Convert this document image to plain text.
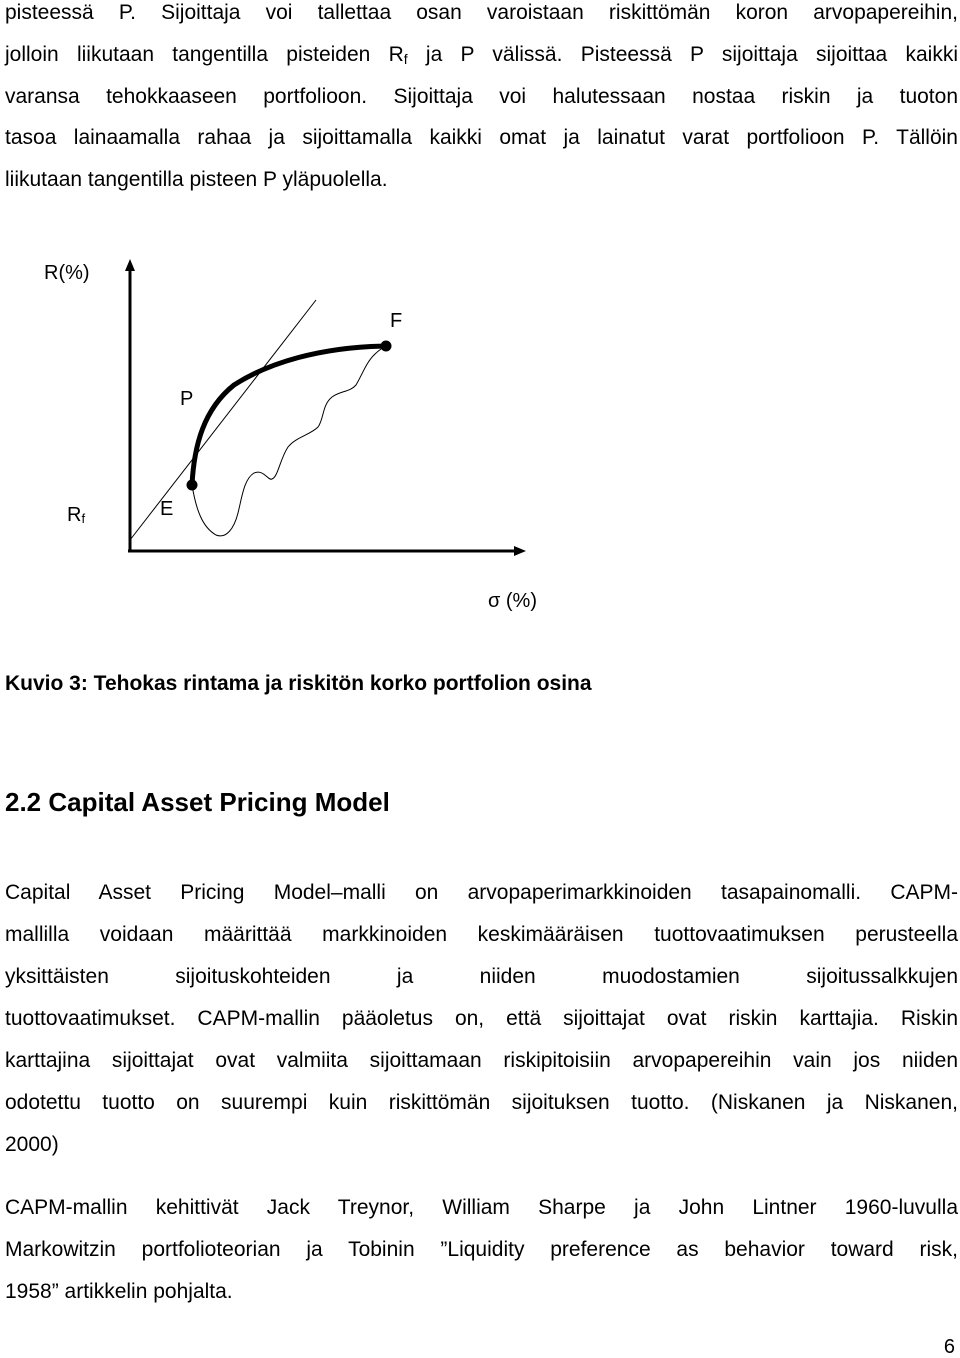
pisteessä P. Sijoittaja voi tallettaa osan varoistaan riskittömän koron arvopapereihin,
jolloin liikutaan tangentilla pisteiden $R_f$ ja P välissä. Pisteessä P sijoittaja sijoittaa kaikki
varansa tehokkaaseen portfolioon. Sijoittaja voi halutessaan nostaa riskin ja tuoton
tasoa lainaamalla rahaa ja sijoittamalla kaikki omat ja lainatut varat portfolioon P. Tällöin
liikutaan tangentilla pisteen P yläpuolella.
R(%)
σ (%)
Rf
P
F
E
Kuvio 3: Tehokas rintama ja riskitön korko portfolion osina
2.2 Capital Asset Pricing Model
Capital Asset Pricing Model–malli on arvopaperimarkkinoiden tasapainomalli. CAPM-
mallilla voidaan määrittää markkinoiden keskimääräisen tuottovaatimuksen perusteella
yksittäisten sijoituskohteiden ja niiden muodostamien sijoitussalkkujen
tuottovaatimukset. CAPM-mallin pääoletus on, että sijoittajat ovat riskin karttajia. Riskin
karttajina sijoittajat ovat valmiita sijoittamaan riskipitoisiin arvopapereihin vain jos niiden
odotettu tuotto on suurempi kuin riskittömän sijoituksen tuotto. (Niskanen ja Niskanen,
2000)
CAPM-mallin kehittivät Jack Treynor, William Sharpe ja John Lintner 1960-luvulla
Markowitzin portfolioteorian ja Tobinin ”Liquidity preference as behavior toward risk,
1958” artikkelin pohjalta.
6
